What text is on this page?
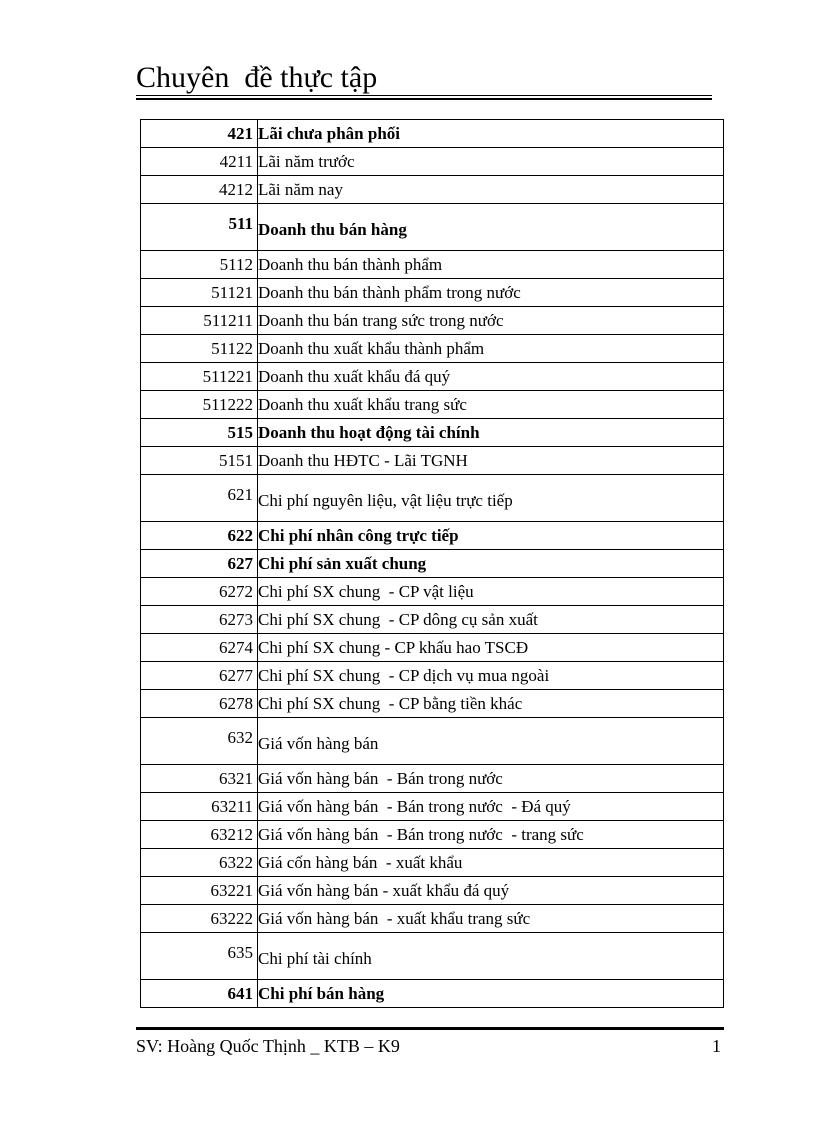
Chuyên  đề thực tập
421	Lãi chưa phân phối
4211	Lãi năm trước
4212	Lãi năm nay
511	Doanh thu bán hàng
5112	Doanh thu bán thành phẩm
51121	Doanh thu bán thành phẩm trong nước
511211	Doanh thu bán trang sức trong nước
51122	Doanh thu xuất khẩu thành phẩm
511221	Doanh thu xuất khẩu đá quý
511222	Doanh thu xuất khẩu trang sức
515	Doanh thu hoạt động tài chính
5151	Doanh thu HĐTC - Lãi TGNH
621	Chi phí nguyên liệu, vật liệu trực tiếp
622	Chi phí nhân công trực tiếp
627	Chi phí sản xuất chung
6272	Chi phí SX chung  - CP vật liệu
6273	Chi phí SX chung  - CP dông cụ sản xuất
6274	Chi phí SX chung - CP khấu hao TSCĐ
6277	Chi phí SX chung  - CP dịch vụ mua ngoài
6278	Chi phí SX chung  - CP bằng tiền khác
632	Giá vốn hàng bán
6321	Giá vốn hàng bán  - Bán trong nước
63211	Giá vốn hàng bán  - Bán trong nước  - Đá quý
63212	Giá vốn hàng bán  - Bán trong nước  - trang sức
6322	Giá cốn hàng bán  - xuất khẩu
63221	Giá vốn hàng bán - xuất khẩu đá quý
63222	Giá vốn hàng bán  - xuất khẩu trang sức
635	Chi phí tài chính
641	Chi phí bán hàng
SV: Hoàng Quốc Thịnh _ KTB – K9	1
